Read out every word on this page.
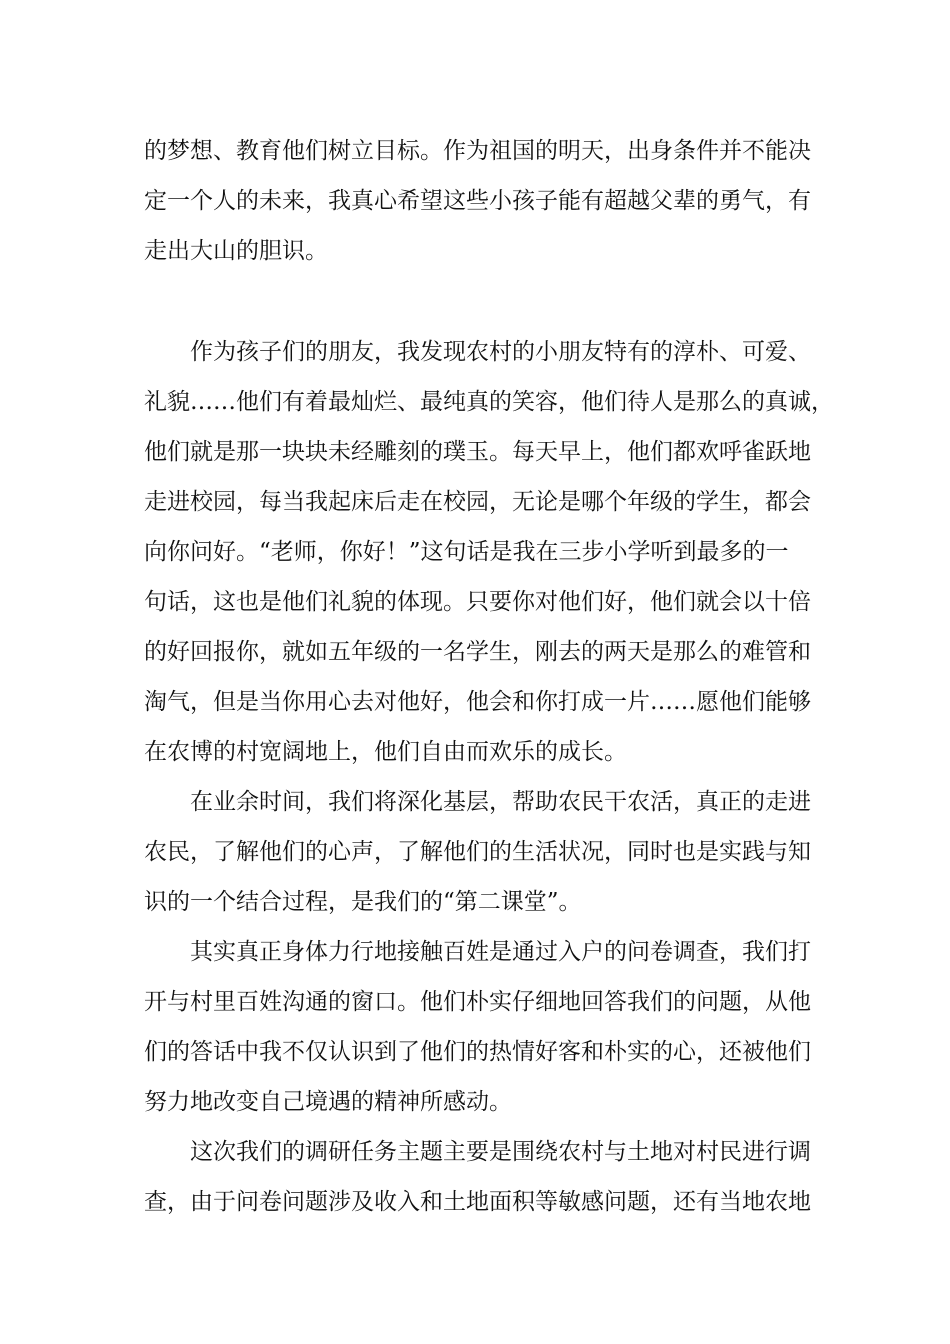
的梦想、教育他们树立目标。作为祖国的明天，出身条件并不能决
定一个人的未来，我真心希望这些小孩子能有超越父辈的勇气，有
走出大山的胆识。
作为孩子们的朋友，我发现农村的小朋友特有的淳朴、可爱、
礼貌……他们有着最灿烂、最纯真的笑容，他们待人是那么的真诚，
他们就是那一块块未经雕刻的璞玉。每天早上，他们都欢呼雀跃地
走进校园，每当我起床后走在校园，无论是哪个年级的学生，都会
向你问好。“老师，你好！”这句话是我在三步小学听到最多的一
句话，这也是他们礼貌的体现。只要你对他们好，他们就会以十倍
的好回报你，就如五年级的一名学生，刚去的两天是那么的难管和
淘气，但是当你用心去对他好，他会和你打成一片……愿他们能够
在农博的村宽阔地上，他们自由而欢乐的成长。
在业余时间，我们将深化基层，帮助农民干农活，真正的走进
农民，了解他们的心声，了解他们的生活状况，同时也是实践与知
识的一个结合过程，是我们的“第二课堂”。
其实真正身体力行地接触百姓是通过入户的问卷调查，我们打
开与村里百姓沟通的窗口。他们朴实仔细地回答我们的问题，从他
们的答话中我不仅认识到了他们的热情好客和朴实的心，还被他们
努力地改变自己境遇的精神所感动。
这次我们的调研任务主题主要是围绕农村与土地对村民进行调
查，由于问卷问题涉及收入和土地面积等敏感问题，还有当地农地
